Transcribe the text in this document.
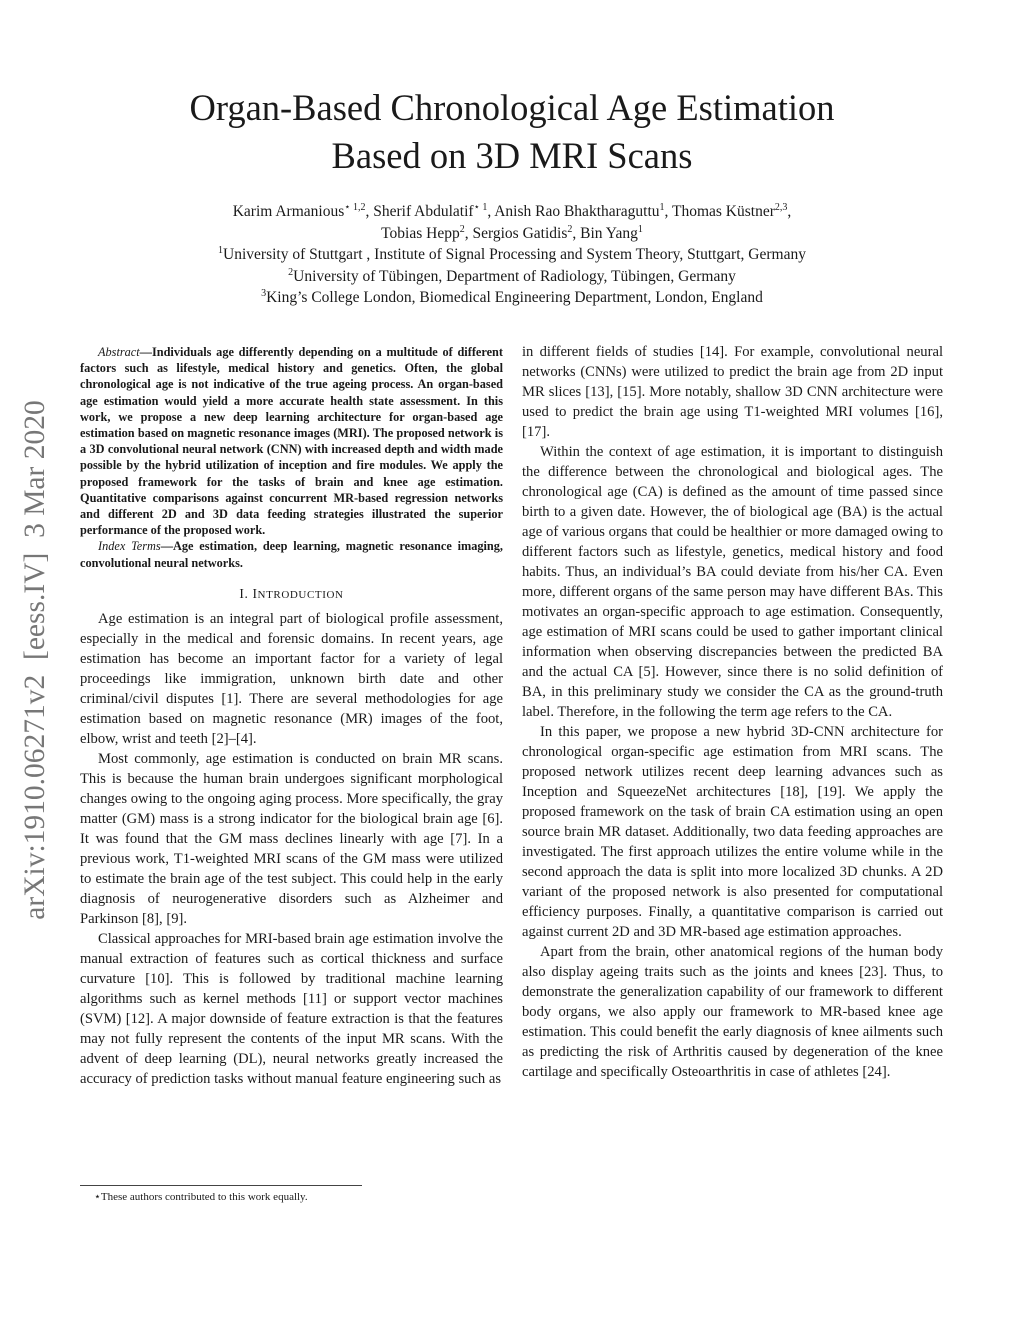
arXiv:1910.06271v2  [eess.IV]  3 Mar 2020
Organ-Based Chronological Age Estimation
Based on 3D MRI Scans
Karim Armanious$^{⋆ 1,2}$, Sherif Abdulatif$^{⋆ 1}$, Anish Rao Bhaktharaguttu$^1$, Thomas Küstner$^{2,3}$,
Tobias Hepp$^2$, Sergios Gatidis$^2$, Bin Yang$^1$
$^1$University of Stuttgart , Institute of Signal Processing and System Theory, Stuttgart, Germany
$^2$University of Tübingen, Department of Radiology, Tübingen, Germany
$^3$King’s College London, Biomedical Engineering Department, London, England

Abstract—Individuals age differently depending on a multitude of different factors such as lifestyle, medical history and genetics. Often, the global chronological age is not indicative of the true ageing process. An organ-based age estimation would yield a more accurate health state assessment. In this work, we propose a new deep learning architecture for organ-based age estimation based on magnetic resonance images (MRI). The proposed network is a 3D convolutional neural network (CNN) with increased depth and width made possible by the hybrid utilization of inception and fire modules. We apply the proposed framework for the tasks of brain and knee age estimation. Quantitative comparisons against concurrent MR-based regression networks and different 2D and 3D data feeding strategies illustrated the superior performance of the proposed work.

Index Terms—Age estimation, deep learning, magnetic resonance imaging, convolutional neural networks.

I. INTRODUCTION

Age estimation is an integral part of biological profile assessment, especially in the medical and forensic domains. In recent years, age estimation has become an important factor for a variety of legal proceedings like immigration, unknown birth date and other criminal/civil disputes [1]. There are several methodologies for age estimation based on magnetic resonance (MR) images of the foot, elbow, wrist and teeth [2]–[4].

Most commonly, age estimation is conducted on brain MR scans. This is because the human brain undergoes significant morphological changes owing to the ongoing aging process. More specifically, the gray matter (GM) mass is a strong indicator for the biological brain age [6]. It was found that the GM mass declines linearly with age [7]. In a previous work, T1-weighted MRI scans of the GM mass were utilized to estimate the brain age of the test subject. This could help in the early diagnosis of neurogenerative disorders such as Alzheimer and Parkinson [8], [9].

Classical approaches for MRI-based brain age estimation involve the manual extraction of features such as cortical thickness and surface curvature [10]. This is followed by traditional machine learning algorithms such as kernel methods [11] or support vector machines (SVM) [12]. A major downside of feature extraction is that the features may not fully represent the contents of the input MR scans. With the advent of deep learning (DL), neural networks greatly increased the accuracy of prediction tasks without manual feature engineering such as

in different fields of studies [14]. For example, convolutional neural networks (CNNs) were utilized to predict the brain age from 2D input MR slices [13], [15]. More notably, shallow 3D CNN architecture were used to predict the brain age using T1-weighted MRI volumes [16], [17].

Within the context of age estimation, it is important to distinguish the difference between the chronological and biological ages. The chronological age (CA) is defined as the amount of time passed since birth to a given date. However, the of biological age (BA) is the actual age of various organs that could be healthier or more damaged owing to different factors such as lifestyle, genetics, medical history and food habits. Thus, an individual’s BA could deviate from his/her CA. Even more, different organs of the same person may have different BAs. This motivates an organ-specific approach to age estimation. Consequently, age estimation of MRI scans could be used to gather important clinical information when observing discrepancies between the predicted BA and the actual CA [5]. However, since there is no solid definition of BA, in this preliminary study we consider the CA as the ground-truth label. Therefore, in the following the term age refers to the CA.

In this paper, we propose a new hybrid 3D-CNN architecture for chronological organ-specific age estimation from MRI scans. The proposed network utilizes recent deep learning advances such as Inception and SqueezeNet architectures [18], [19]. We apply the proposed framework on the task of brain CA estimation using an open source brain MR dataset. Additionally, two data feeding approaches are investigated. The first approach utilizes the entire volume while in the second approach the data is split into more localized 3D chunks. A 2D variant of the proposed network is also presented for computational efficiency purposes. Finally, a quantitative comparison is carried out against current 2D and 3D MR-based age estimation approaches.

Apart from the brain, other anatomical regions of the human body also display ageing traits such as the joints and knees [23]. Thus, to demonstrate the generalization capability of our framework to different body organs, we also apply our framework to MR-based knee age estimation. This could benefit the early diagnosis of knee ailments such as predicting the risk of Arthritis caused by degeneration of the knee cartilage and specifically Osteoarthritis in case of athletes [24].

⋆These authors contributed to this work equally.
